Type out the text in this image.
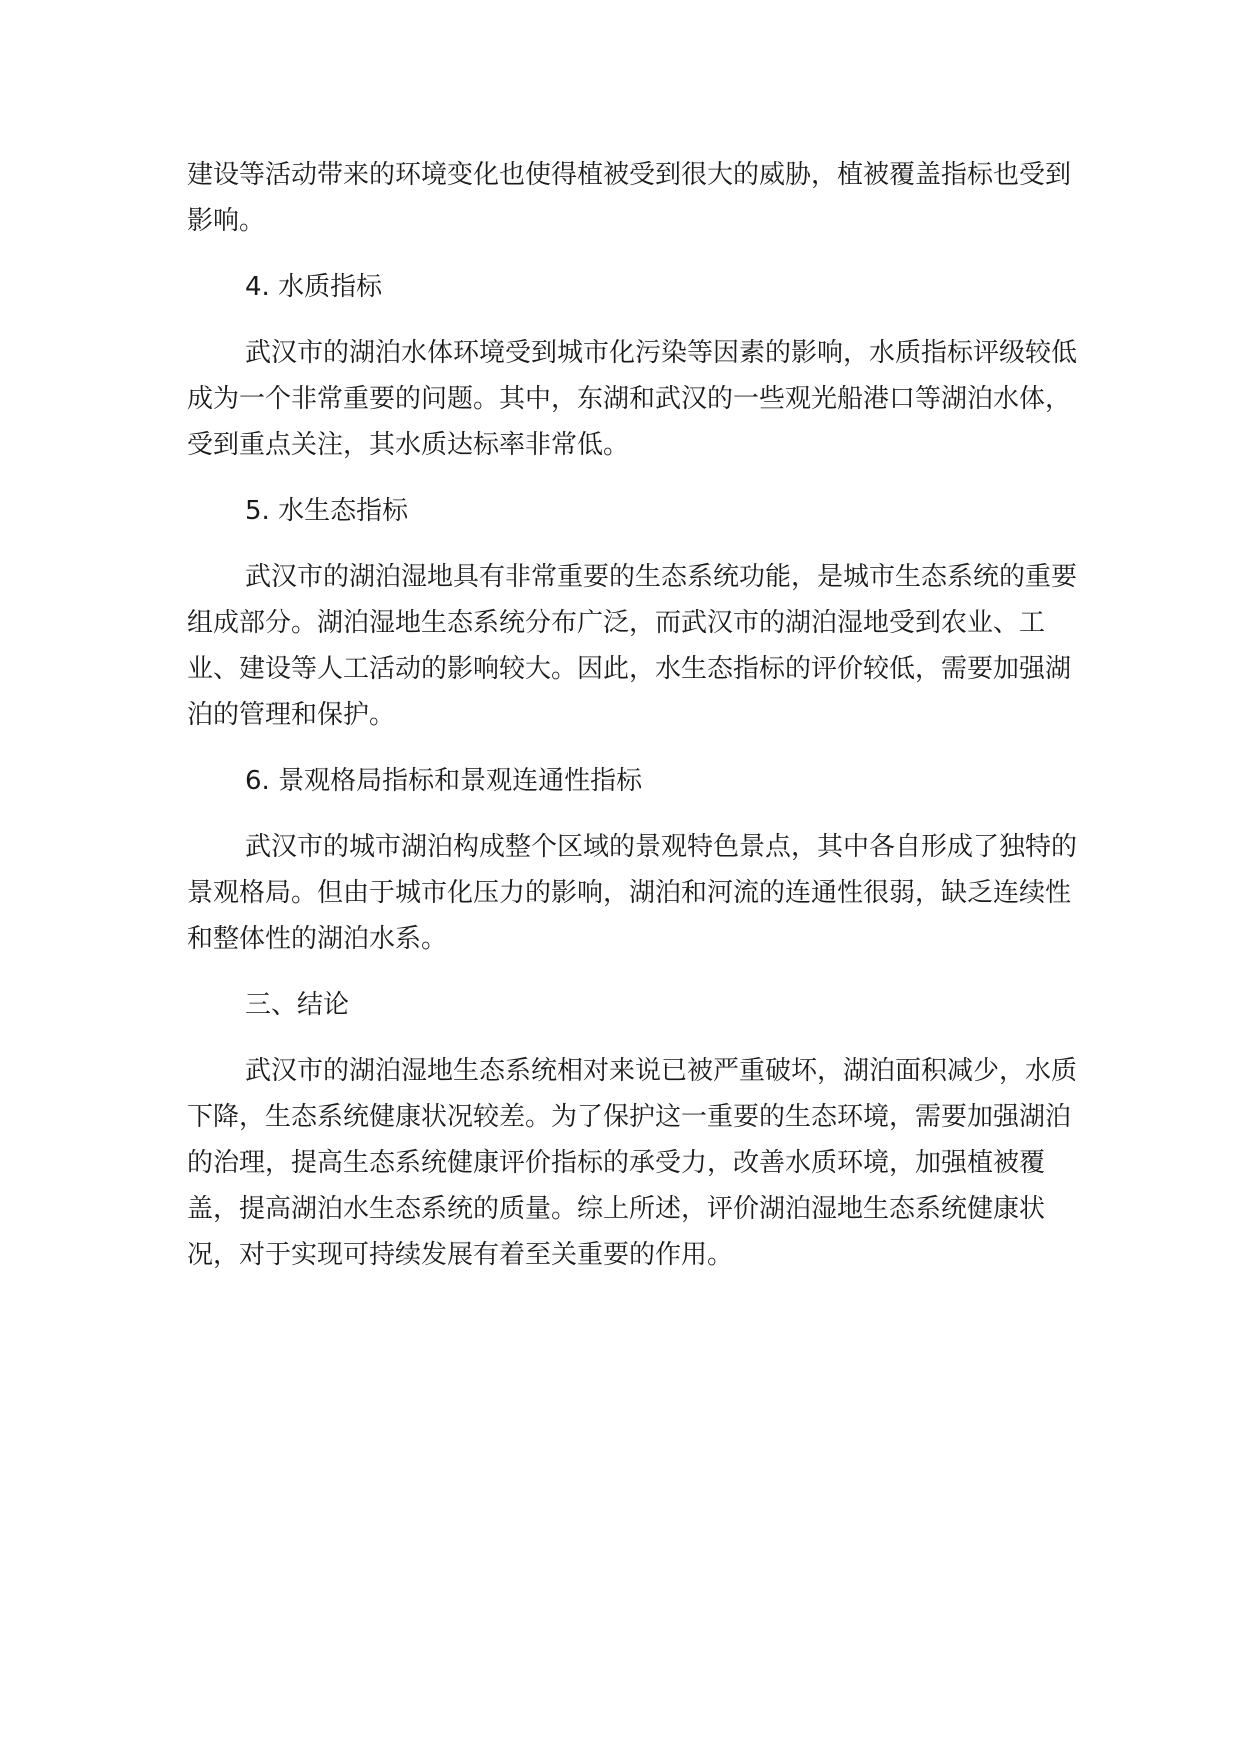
建设等活动带来的环境变化也使得植被受到很大的威胁，植被覆盖指标也受到影响。

4. 水质指标

武汉市的湖泊水体环境受到城市化污染等因素的影响，水质指标评级较低成为一个非常重要的问题。其中，东湖和武汉的一些观光船港口等湖泊水体，受到重点关注，其水质达标率非常低。

5. 水生态指标

武汉市的湖泊湿地具有非常重要的生态系统功能，是城市生态系统的重要组成部分。湖泊湿地生态系统分布广泛，而武汉市的湖泊湿地受到农业、工业、建设等人工活动的影响较大。因此，水生态指标的评价较低，需要加强湖泊的管理和保护。

6. 景观格局指标和景观连通性指标

武汉市的城市湖泊构成整个区域的景观特色景点，其中各自形成了独特的景观格局。但由于城市化压力的影响，湖泊和河流的连通性很弱，缺乏连续性和整体性的湖泊水系。

三、结论

武汉市的湖泊湿地生态系统相对来说已被严重破坏，湖泊面积减少，水质下降，生态系统健康状况较差。为了保护这一重要的生态环境，需要加强湖泊的治理，提高生态系统健康评价指标的承受力，改善水质环境，加强植被覆盖，提高湖泊水生态系统的质量。综上所述，评价湖泊湿地生态系统健康状况，对于实现可持续发展有着至关重要的作用。
